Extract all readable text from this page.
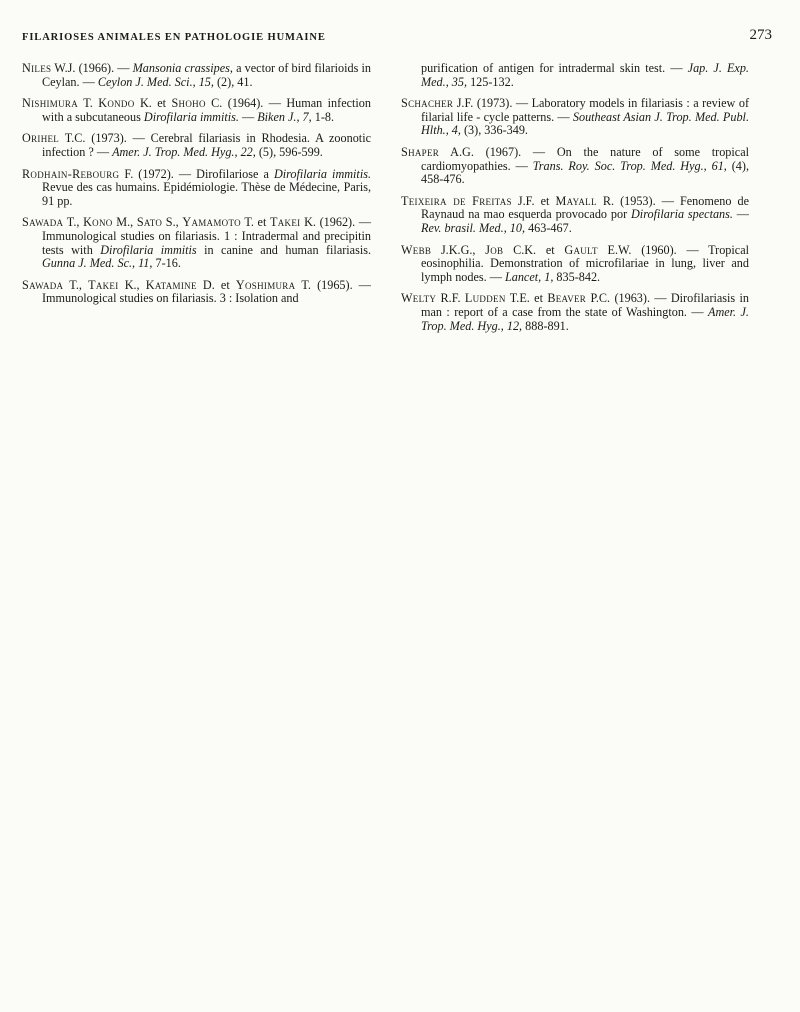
FILARIOSES ANIMALES EN PATHOLOGIE HUMAINE	273

Niles W.J. (1966). — Mansonia crassipes, a vector of bird filarioids in Ceylan. — Ceylon J. Med. Sci., 15, (2), 41.

Nishimura T. Kondo K. et Shoho C. (1964). — Human infection with a subcutaneous Dirofilaria immitis. — Biken J., 7, 1-8.

Orihel T.C. (1973). — Cerebral filariasis in Rhodesia. A zoonotic infection ? — Amer. J. Trop. Med. Hyg., 22, (5), 596-599.

Rodhain-Rebourg F. (1972). — Dirofilariose a Dirofilaria immitis. Revue des cas humains. Epidémiologie. Thèse de Médecine, Paris, 91 pp.

Sawada T., Kono M., Sato S., Yamamoto T. et Takei K. (1962). — Immunological studies on filariasis. 1 : Intradermal and precipitin tests with Dirofilaria immitis in canine and human filariasis. Gunna J. Med. Sc., 11, 7-16.

Sawada T., Takei K., Kataminе D. et Yoshimura T. (1965). — Immunological studies on filariasis. 3 : Isolation and

purification of antigen for intradermal skin test. — Jap. J. Exp. Med., 35, 125-132.

Schacher J.F. (1973). — Laboratory models in filariasis : a review of filarial life - cycle patterns. — Southeast Asian J. Trop. Med. Publ. Hlth., 4, (3), 336-349.

Shaper A.G. (1967). — On the nature of some tropical cardiomyopathies. — Trans. Roy. Soc. Trop. Med. Hyg., 61, (4), 458-476.

Teixeira de Freitas J.F. et Mayall R. (1953). — Fenomeno de Raynaud na mao esquerda provocado por Dirofilaria spectans. — Rev. brasil. Med., 10, 463-467.

Webb J.K.G., Job C.K. et Gault E.W. (1960). — Tropical eosinophilia. Demonstration of microfilariae in lung, liver and lymph nodes. — Lancet, 1, 835-842.

Welty R.F. Ludden T.E. et Beaver P.C. (1963). — Dirofilariasis in man : report of a case from the state of Washington. — Amer. J. Trop. Med. Hyg., 12, 888-891.
